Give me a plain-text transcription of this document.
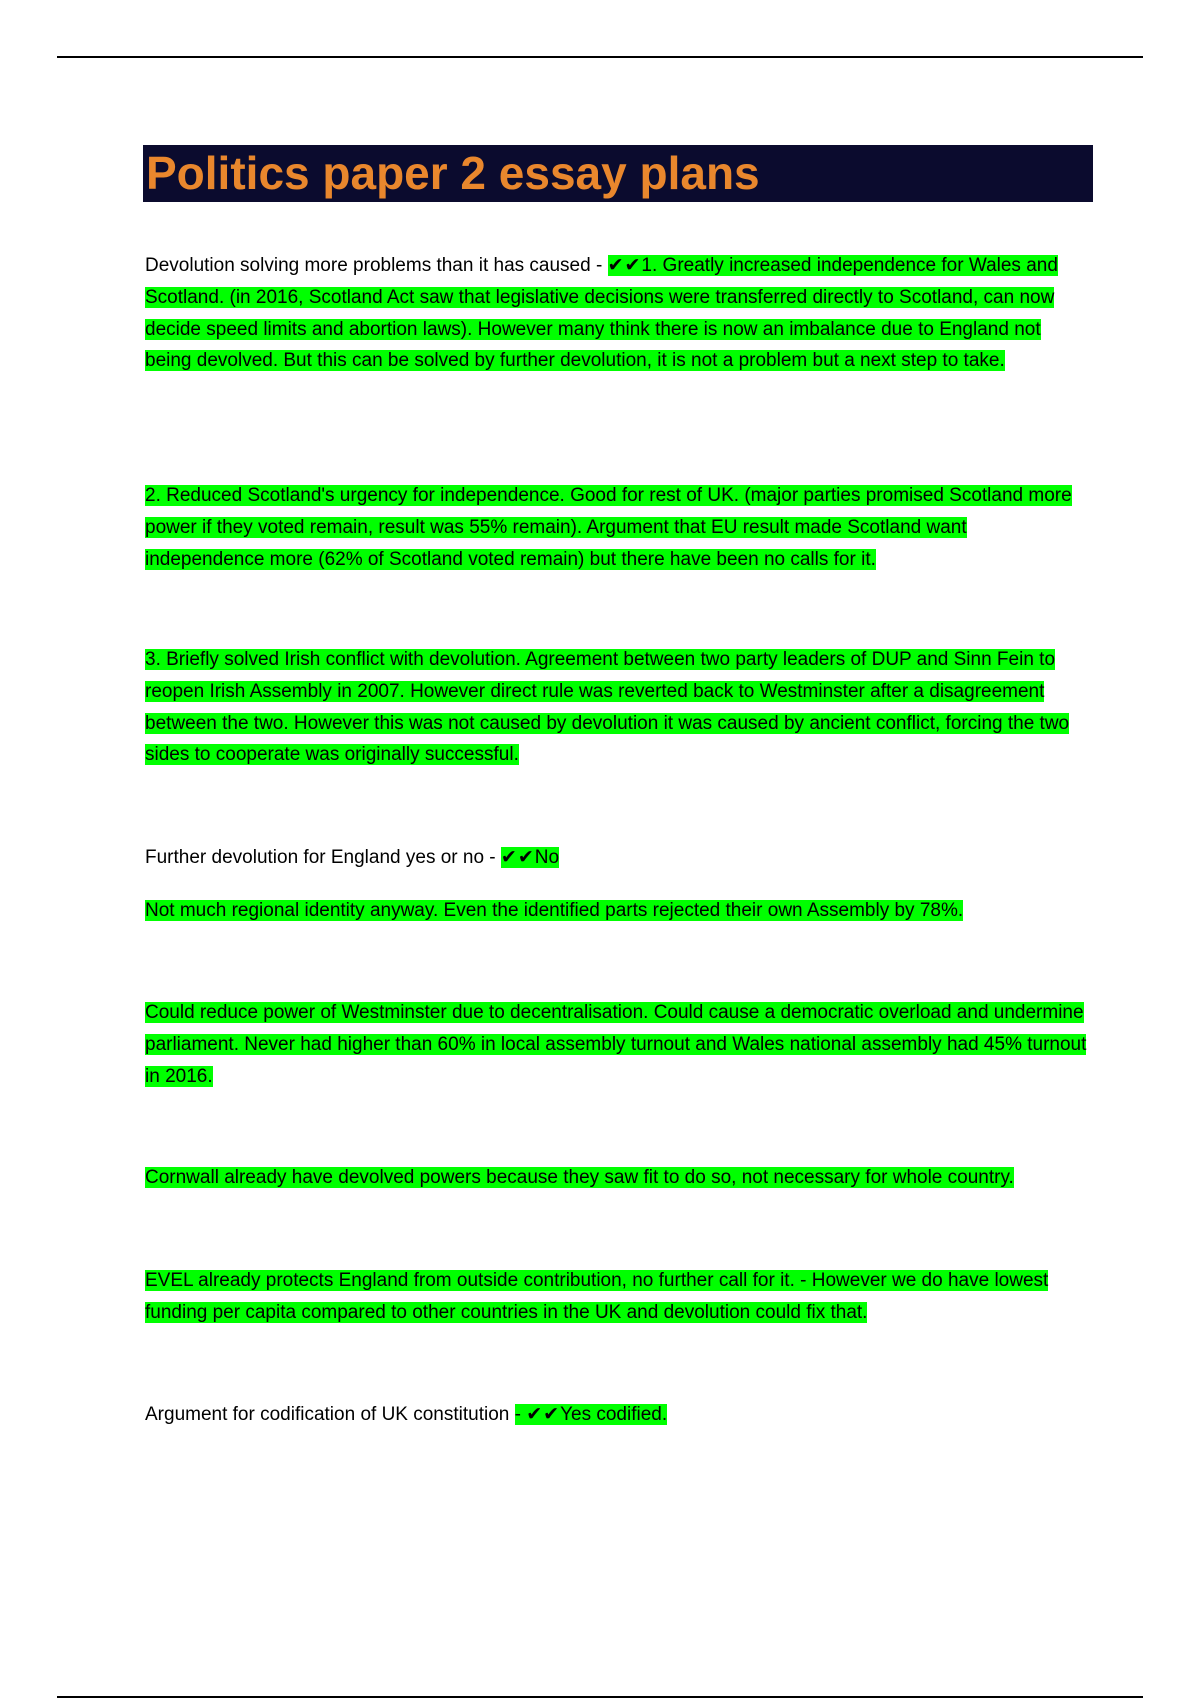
Politics paper 2 essay plans

Devolution solving more problems than it has caused - ✔✔1. Greatly increased independence for Wales and Scotland. (in 2016, Scotland Act saw that legislative decisions were transferred directly to Scotland, can now decide speed limits and abortion laws). However many think there is now an imbalance due to England not being devolved. But this can be solved by further devolution, it is not a problem but a next step to take.

2. Reduced Scotland's urgency for independence. Good for rest of UK. (major parties promised Scotland more power if they voted remain, result was 55% remain). Argument that EU result made Scotland want independence more (62% of Scotland voted remain) but there have been no calls for it.

3. Briefly solved Irish conflict with devolution. Agreement between two party leaders of DUP and Sinn Fein to reopen Irish Assembly in 2007. However direct rule was reverted back to Westminster after a disagreement between the two. However this was not caused by devolution it was caused by ancient conflict, forcing the two sides to cooperate was originally successful.

Further devolution for England yes or no - ✔✔No

Not much regional identity anyway. Even the identified parts rejected their own Assembly by 78%.

Could reduce power of Westminster due to decentralisation. Could cause a democratic overload and undermine parliament. Never had higher than 60% in local assembly turnout and Wales national assembly had 45% turnout in 2016.

Cornwall already have devolved powers because they saw fit to do so, not necessary for whole country.

EVEL already protects England from outside contribution, no further call for it. - However we do have lowest funding per capita compared to other countries in the UK and devolution could fix that.

Argument for codification of UK constitution - ✔✔Yes codified.
